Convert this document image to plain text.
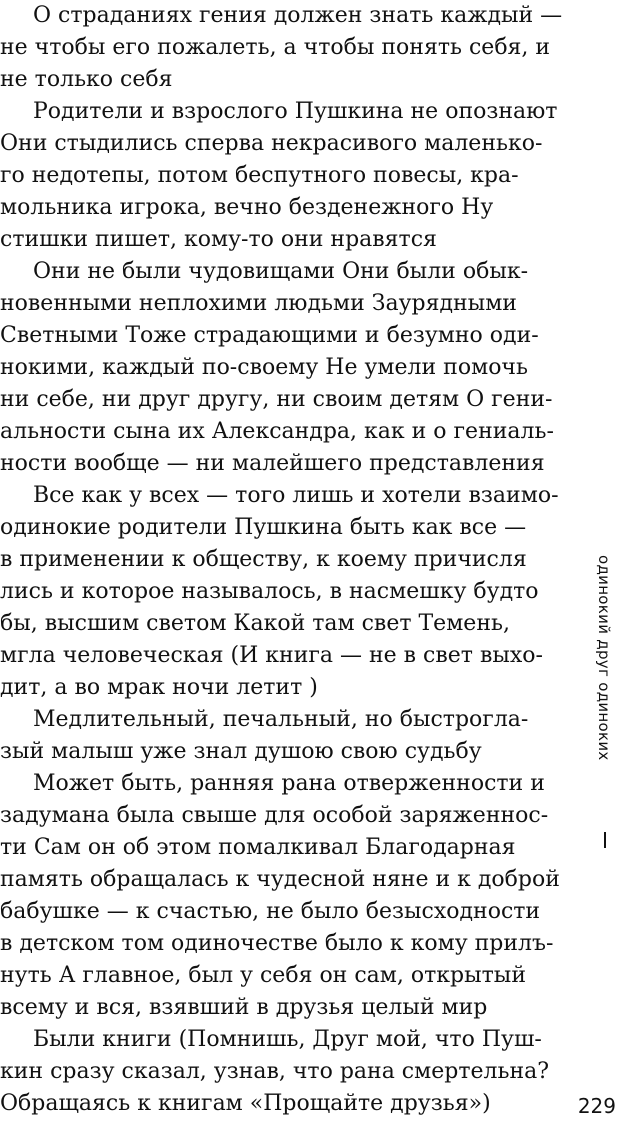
О страданиях гения должен знать каждый —
не чтобы его пожалеть, а чтобы понять себя, и
не только себя
Родители и взрослого Пушкина не опознают
Они стыдились сперва некрасивого маленько-
го недотепы, потом беспутного повесы, кра-
мольника игрока, вечно безденежного Ну
стишки пишет, кому-то они нравятся
Они не были чудовищами Они были обык-
новенными неплохими людьми Заурядными
Светными Тоже страдающими и безумно оди-
нокими, каждый по-своему Не умели помочь
ни себе, ни друг другу, ни своим детям О гени-
альности сына их Александра, как и о гениаль-
ности вообще — ни малейшего представления
Все как у всех — того лишь и хотели взаимо-
одинокие родители Пушкина быть как все —
в применении к обществу, к коему причисля
лись и которое называлось, в насмешку будто
бы, высшим светом Какой там свет Темень,
мгла человеческая (И книга — не в свет выхо-
дит, а во мрак ночи летит )
Медлительный, печальный, но быстрогла-
зый малыш уже знал душою свою судьбу
Может быть, ранняя рана отверженности и
задумана была свыше для особой заряженнос-
ти Сам он об этом помалкивал Благодарная
память обращалась к чудесной няне и к доброй
бабушке — к счастью, не было безысходности
в детском том одиночестве было к кому прилъ-
нуть А главное, был у себя он сам, открытый
всему и вся, взявший в друзья целый мир
Были книги (Помнишь, Друг мой, что Пуш-
кин сразу сказал, узнав, что рана смертельна?
Обращаясь к книгам «Прощайте друзья»)
одинокий друг одиноких
229
